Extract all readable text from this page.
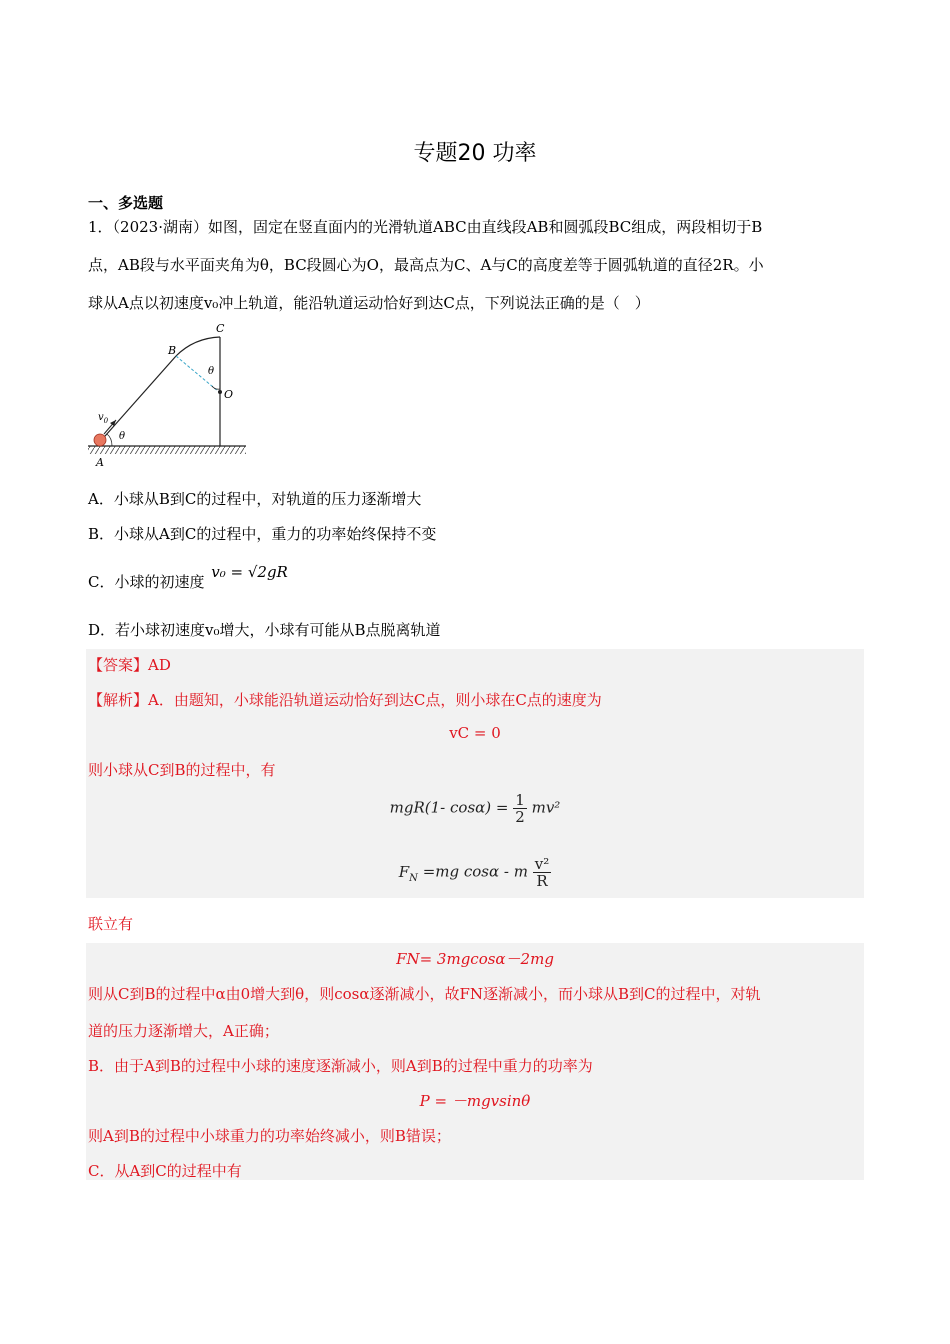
专题20 功率
一、多选题
1．（2023·湖南）如图，固定在竖直面内的光滑轨道ABC由直线段AB和圆弧段BC组成，两段相切于B
点，AB段与水平面夹角为θ，BC段圆心为O，最高点为C、A与C的高度差等于圆弧轨道的直径2R。小
球从A点以初速度v₀冲上轨道，能沿轨道运动恰好到达C点，下列说法正确的是（　）
C
B
O
A
θ
θ
$v_0$
A．小球从B到C的过程中，对轨道的压力逐渐增大
B．小球从A到C的过程中，重力的功率始终保持不变
C．小球的初速度 v₀ = √2gR
D．若小球初速度v₀增大，小球有可能从B点脱离轨道
【答案】AD
【解析】A．由题知，小球能沿轨道运动恰好到达C点，则小球在C点的速度为
vC = 0
则小球从C到B的过程中，有
mgR(1- $\cos\alpha) = \frac{1}{2} mv^2$
$F_N =mg$ cosα - m $\frac{\text{v²}}{R}$
联立有
FN= 3mgcosα－2mg
则从C到B的过程中α由0增大到θ，则cosα逐渐减小，故FN逐渐减小，而小球从B到C的过程中，对轨
道的压力逐渐增大，A正确；
B．由于A到B的过程中小球的速度逐渐减小，则A到B的过程中重力的功率为
P = －mgvsinθ
则A到B的过程中小球重力的功率始终减小，则B错误；
C．从A到C的过程中有
